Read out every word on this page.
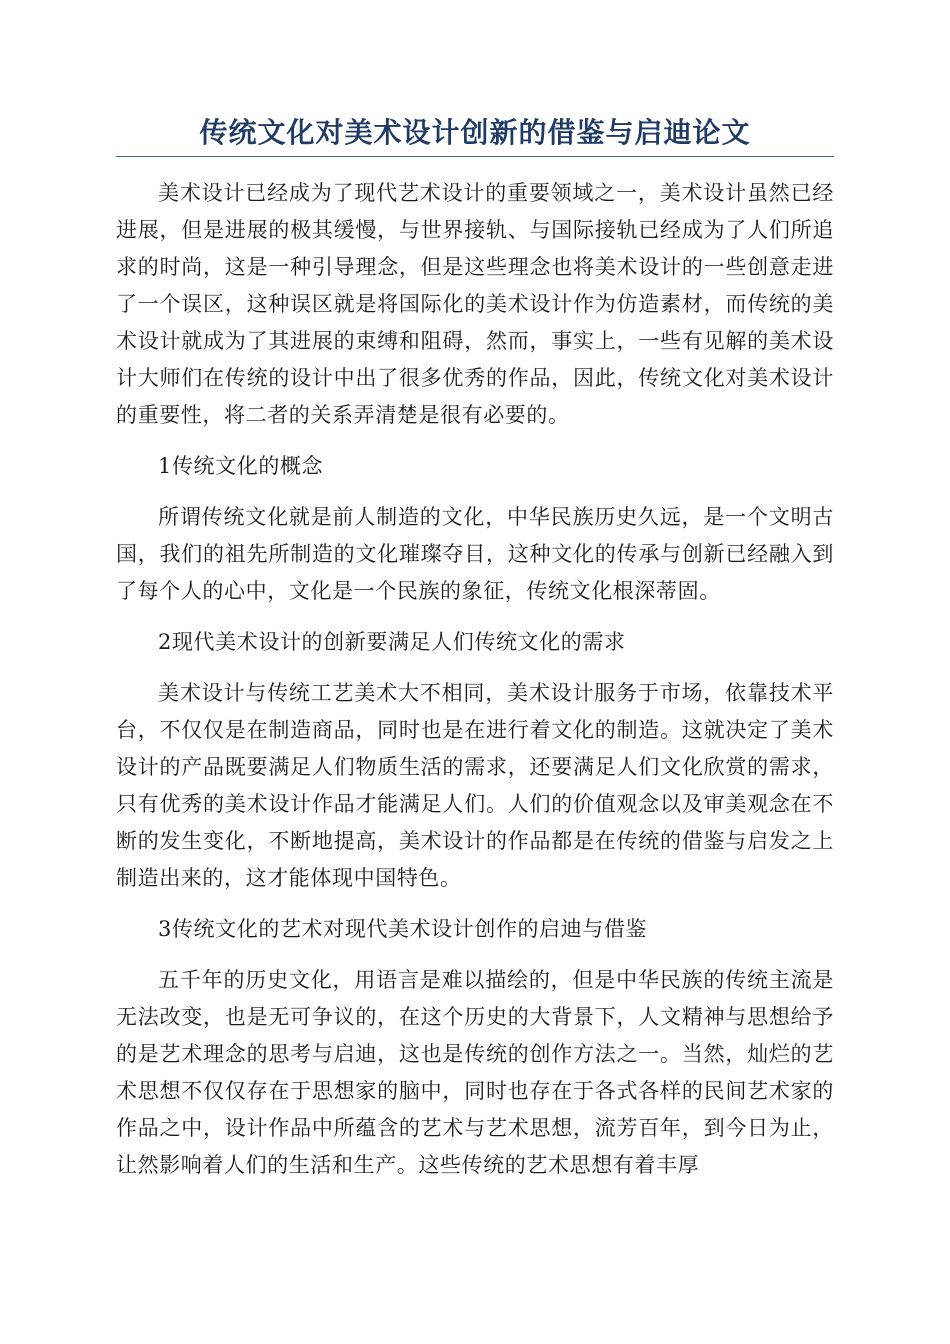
传统文化对美术设计创新的借鉴与启迪论文

美术设计已经成为了现代艺术设计的重要领域之一，美术设计虽然已经进展，但是进展的极其缓慢，与世界接轨、与国际接轨已经成为了人们所追求的时尚，这是一种引导理念，但是这些理念也将美术设计的一些创意走进了一个误区，这种误区就是将国际化的美术设计作为仿造素材，而传统的美术设计就成为了其进展的束缚和阻碍，然而，事实上，一些有见解的美术设计大师们在传统的设计中出了很多优秀的作品，因此，传统文化对美术设计的重要性，将二者的关系弄清楚是很有必要的。

1传统文化的概念

所谓传统文化就是前人制造的文化，中华民族历史久远，是一个文明古国，我们的祖先所制造的文化璀璨夺目，这种文化的传承与创新已经融入到了每个人的心中，文化是一个民族的象征，传统文化根深蒂固。

2现代美术设计的创新要满足人们传统文化的需求

美术设计与传统工艺美术大不相同，美术设计服务于市场，依靠技术平台，不仅仅是在制造商品，同时也是在进行着文化的制造。这就决定了美术设计的产品既要满足人们物质生活的需求，还要满足人们文化欣赏的需求，只有优秀的美术设计作品才能满足人们。人们的价值观念以及审美观念在不断的发生变化，不断地提高，美术设计的作品都是在传统的借鉴与启发之上制造出来的，这才能体现中国特色。

3传统文化的艺术对现代美术设计创作的启迪与借鉴

五千年的历史文化，用语言是难以描绘的，但是中华民族的传统主流是无法改变，也是无可争议的，在这个历史的大背景下，人文精神与思想给予的是艺术理念的思考与启迪，这也是传统的创作方法之一。当然，灿烂的艺术思想不仅仅存在于思想家的脑中，同时也存在于各式各样的民间艺术家的作品之中，设计作品中所蕴含的艺术与艺术思想，流芳百年，到今日为止，让然影响着人们的生活和生产。这些传统的艺术思想有着丰厚
